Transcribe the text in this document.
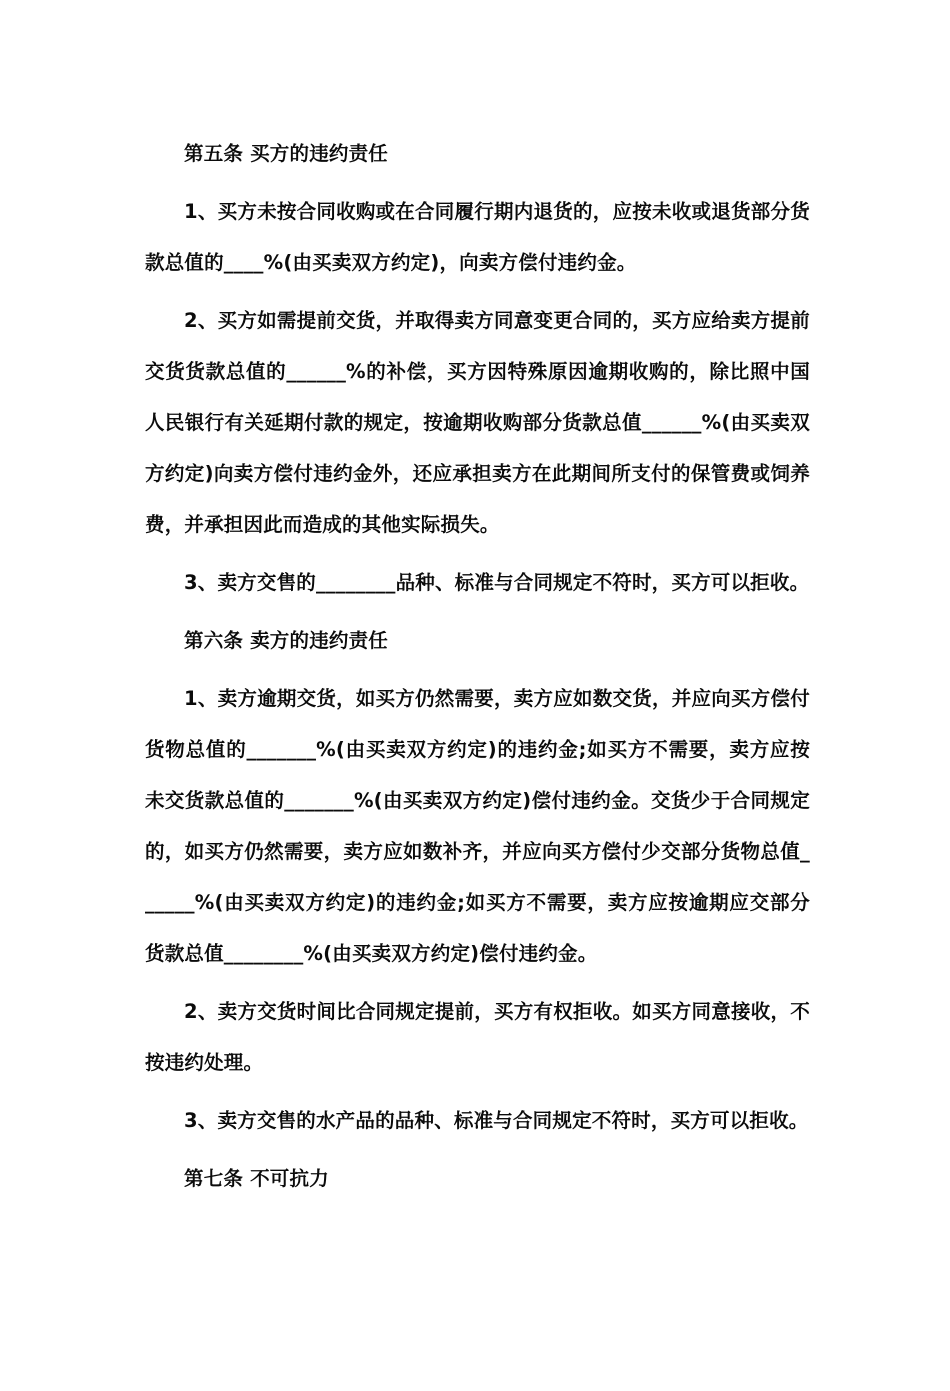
第五条 买方的违约责任

1、买方未按合同收购或在合同履行期内退货的，应按未收或退货部分货款总值的____%(由买卖双方约定)，向卖方偿付违约金。

2、买方如需提前交货，并取得卖方同意变更合同的，买方应给卖方提前交货货款总值的______%的补偿，买方因特殊原因逾期收购的，除比照中国人民银行有关延期付款的规定，按逾期收购部分货款总值______%(由买卖双方约定)向卖方偿付违约金外，还应承担卖方在此期间所支付的保管费或饲养费，并承担因此而造成的其他实际损失。

3、卖方交售的________品种、标准与合同规定不符时，买方可以拒收。

第六条 卖方的违约责任

1、卖方逾期交货，如买方仍然需要，卖方应如数交货，并应向买方偿付货物总值的_______%(由买卖双方约定)的违约金;如买方不需要，卖方应按未交货款总值的_______%(由买卖双方约定)偿付违约金。交货少于合同规定的，如买方仍然需要，卖方应如数补齐，并应向买方偿付少交部分货物总值______%(由买卖双方约定)的违约金;如买方不需要，卖方应按逾期应交部分货款总值________%(由买卖双方约定)偿付违约金。

2、卖方交货时间比合同规定提前，买方有权拒收。如买方同意接收，不按违约处理。

3、卖方交售的水产品的品种、标准与合同规定不符时，买方可以拒收。

第七条 不可抗力
